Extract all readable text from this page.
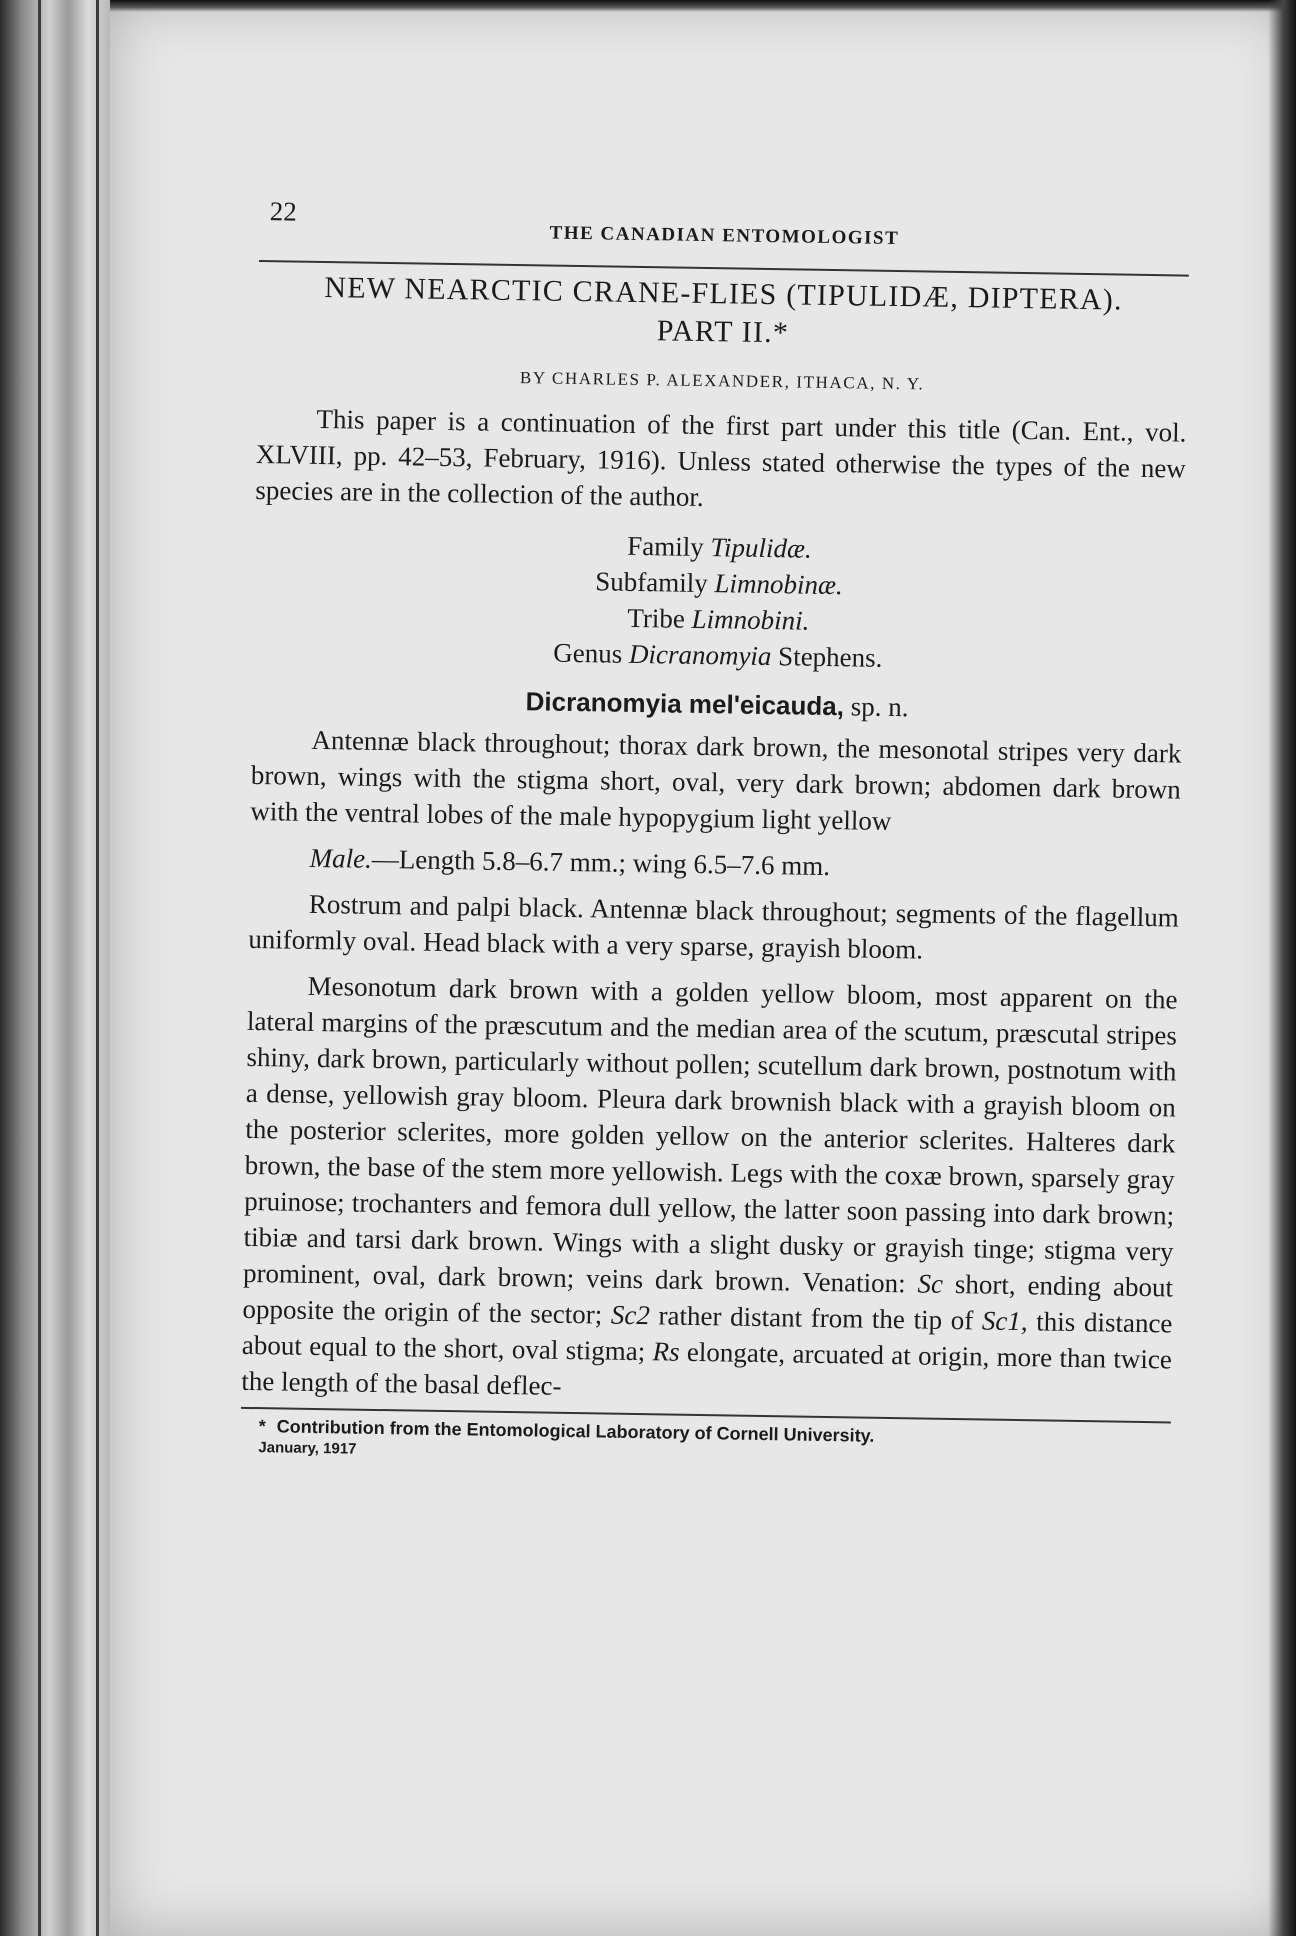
22
THE CANADIAN ENTOMOLOGIST
NEW NEARCTIC CRANE-FLIES (TIPULIDÆ, DIPTERA).
PART II.*
BY CHARLES P. ALEXANDER, ITHACA, N. Y.

This paper is a continuation of the first part under this title (Can. Ent., vol. XLVIII, pp. 42–53, February, 1916). Unless stated otherwise the types of the new species are in the collection of the author.

Family Tipulidæ.
Subfamily Limnobinæ.
Tribe Limnobini.
Genus Dicranomyia Stephens.
Dicranomyia mel'eicauda, sp. n.

Antennæ black throughout; thorax dark brown, the mesonotal stripes very dark brown, wings with the stigma short, oval, very dark brown; abdomen dark brown with the ventral lobes of the male hypopygium light yellow

Male.—Length 5.8–6.7 mm.; wing 6.5–7.6 mm.

Rostrum and palpi black. Antennæ black throughout; segments of the flagellum uniformly oval. Head black with a very sparse, grayish bloom.

Mesonotum dark brown with a golden yellow bloom, most apparent on the lateral margins of the præscutum and the median area of the scutum, præscutal stripes shiny, dark brown, particularly without pollen; scutellum dark brown, postnotum with a dense, yellowish gray bloom. Pleura dark brownish black with a grayish bloom on the posterior sclerites, more golden yellow on the anterior sclerites. Halteres dark brown, the base of the stem more yellowish. Legs with the coxæ brown, sparsely gray pruinose; trochanters and femora dull yellow, the latter soon passing into dark brown; tibiæ and tarsi dark brown. Wings with a slight dusky or grayish tinge; stigma very prominent, oval, dark brown; veins dark brown. Venation: Sc short, ending about opposite the origin of the sector; Sc2 rather distant from the tip of Sc1, this distance about equal to the short, oval stigma; Rs elongate, arcuated at origin, more than twice the length of the basal deflec-

* Contribution from the Entomological Laboratory of Cornell University.
January, 1917
